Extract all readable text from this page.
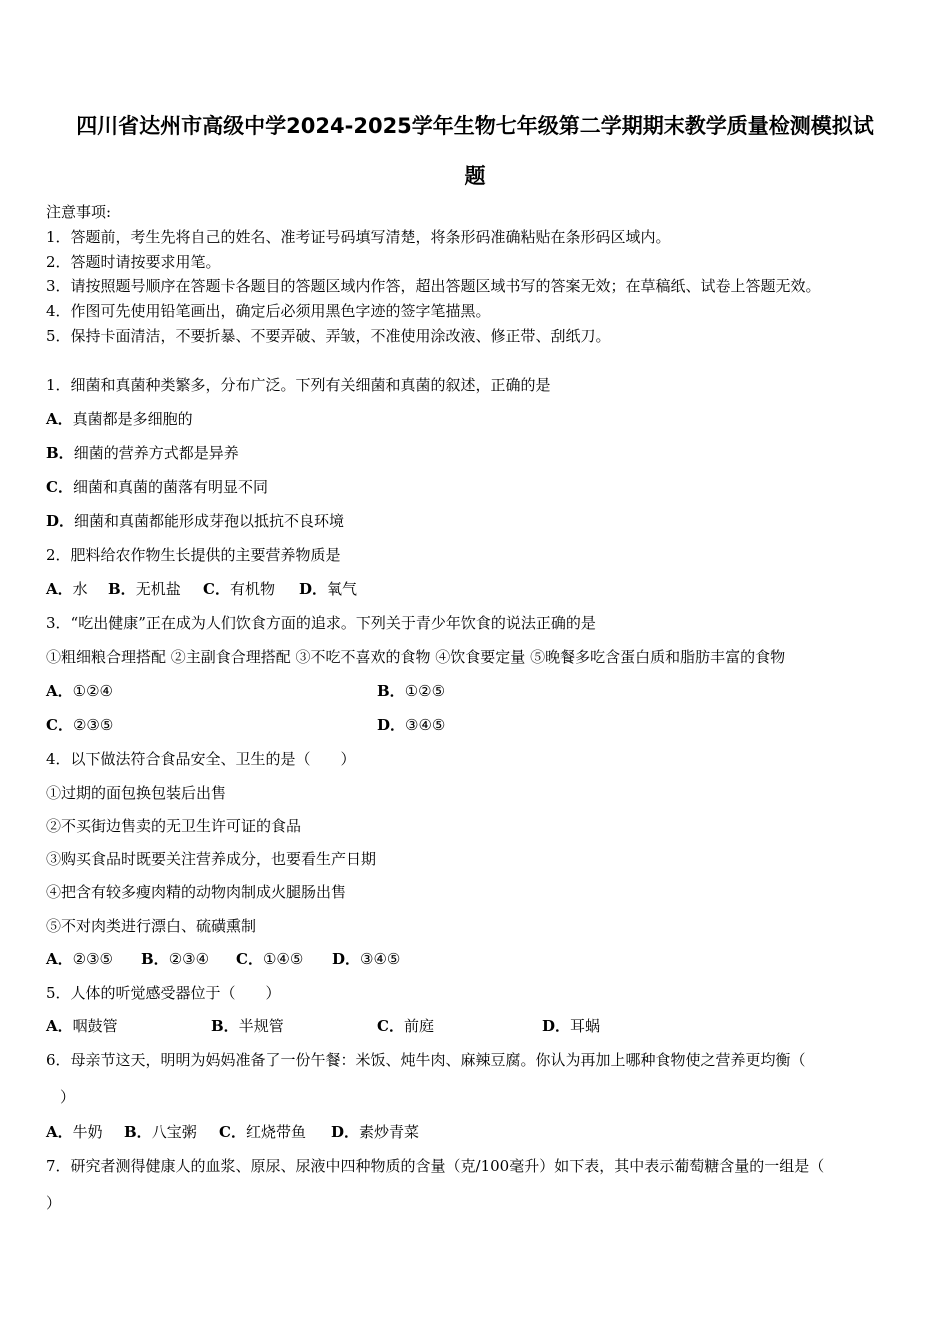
四川省达州市高级中学2024-2025学年生物七年级第二学期期末教学质量检测模拟试
题
注意事项:
1．答题前，考生先将自己的姓名、准考证号码填写清楚，将条形码准确粘贴在条形码区域内。
2．答题时请按要求用笔。
3．请按照题号顺序在答题卡各题目的答题区域内作答，超出答题区域书写的答案无效；在草稿纸、试卷上答题无效。
4．作图可先使用铅笔画出，确定后必须用黑色字迹的签字笔描黑。
5．保持卡面清洁，不要折暴、不要弄破、弄皱，不准使用涂改液、修正带、刮纸刀。
1．细菌和真菌种类繁多，分布广泛。下列有关细菌和真菌的叙述，正确的是
A．真菌都是多细胞的
B．细菌的营养方式都是异养
C．细菌和真菌的菌落有明显不同
D．细菌和真菌都能形成芽孢以抵抗不良环境
2．肥料给农作物生长提供的主要营养物质是
A．水 B．无机盐 C．有机物 D．氧气
3．“吃出健康”正在成为人们饮食方面的追求。下列关于青少年饮食的说法正确的是
①粗细粮合理搭配 ②主副食合理搭配 ③不吃不喜欢的食物 ④饮食要定量 ⑤晚餐多吃含蛋白质和脂肪丰富的食物
A．①②④	B．①②⑤
C．②③⑤	D．③④⑤
4．以下做法符合食品安全、卫生的是（　　）
①过期的面包换包装后出售
②不买街边售卖的无卫生许可证的食品
③购买食品时既要关注营养成分，也要看生产日期
④把含有较多瘦肉精的动物肉制成火腿肠出售
⑤不对肉类进行漂白、硫磺熏制
A．②③⑤ B．②③④ C．①④⑤ D．③④⑤
5．人体的听觉感受器位于（　　）
A．咽鼓管	B．半规管	C．前庭	D．耳蜗
6．母亲节这天，明明为妈妈准备了一份午餐：米饭、炖牛肉、麻辣豆腐。你认为再加上哪种食物使之营养更均衡（
）
A．牛奶 B．八宝粥 C．红烧带鱼 D．素炒青菜
7．研究者测得健康人的血浆、原尿、尿液中四种物质的含量（克/100毫升）如下表，其中表示葡萄糖含量的一组是（
）
